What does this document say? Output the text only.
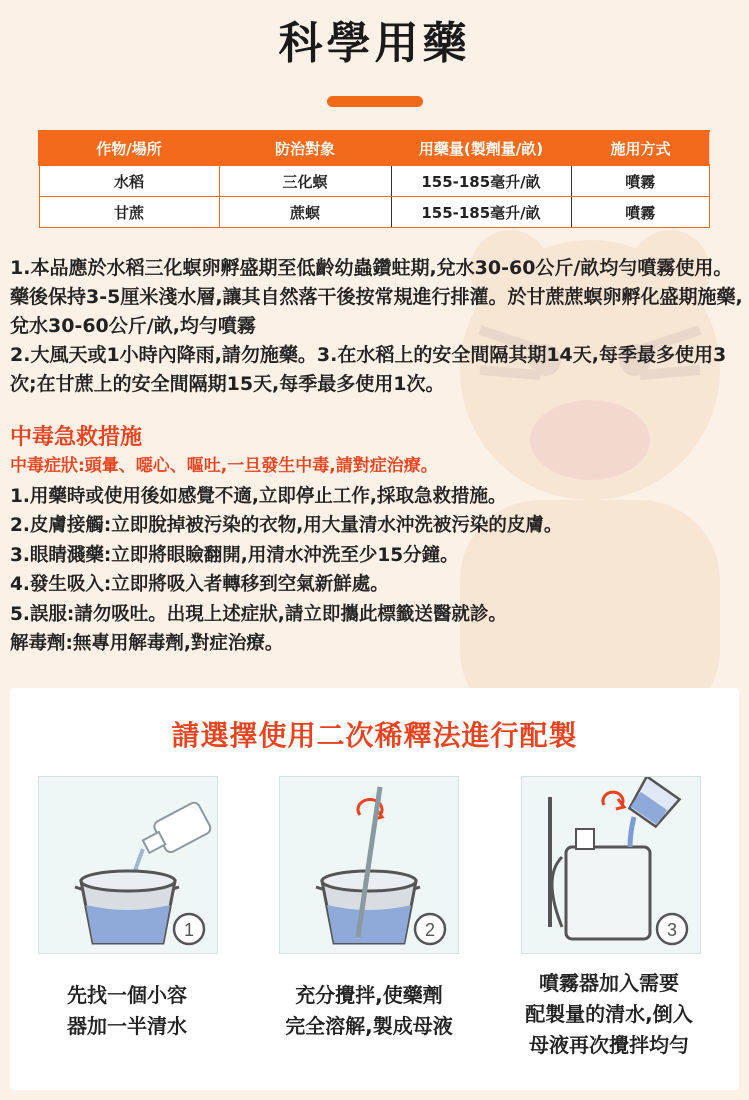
科學用藥
作物/場所	防治對象	用藥量(製劑量/畝)	施用方式
水稻	三化螟	155-185毫升/畝	噴霧
甘蔗	蔗螟	155-185毫升/畝	噴霧

1.本品應於水稻三化螟卵孵盛期至低齡幼蟲鑽蛀期,兌水30-60公斤/畝均勻噴霧使用。藥後保持3-5厘米淺水層,讓其自然落干後按常規進行排灌。於甘蔗蔗螟卵孵化盛期施藥,兌水30-60公斤/畝,均勻噴霧

2.大風天或1小時內降雨,請勿施藥。3.在水稻上的安全間隔其期14天,每季最多使用3次;在甘蔗上的安全間隔期15天,每季最多使用1次。

中毒急救措施

中毒症狀:頭暈、噁心、嘔吐,一旦發生中毒,請對症治療。

1.用藥時或使用後如感覺不適,立即停止工作,採取急救措施。

2.皮膚接觸:立即脫掉被污染的衣物,用大量清水沖洗被污染的皮膚。

3.眼睛濺藥:立即將眼瞼翻開,用清水沖洗至少15分鐘。

4.發生吸入:立即將吸入者轉移到空氣新鮮處。

5.誤服:請勿吸吐。出現上述症狀,請立即攜此標籤送醫就診。

解毒劑:無專用解毒劑,對症治療。

請選擇使用二次稀釋法進行配製
1	2	3
先找一個小容
器加一半清水
充分攪拌,使藥劑
完全溶解,製成母液
噴霧器加入需要
配製量的清水,倒入
母液再次攪拌均勻
